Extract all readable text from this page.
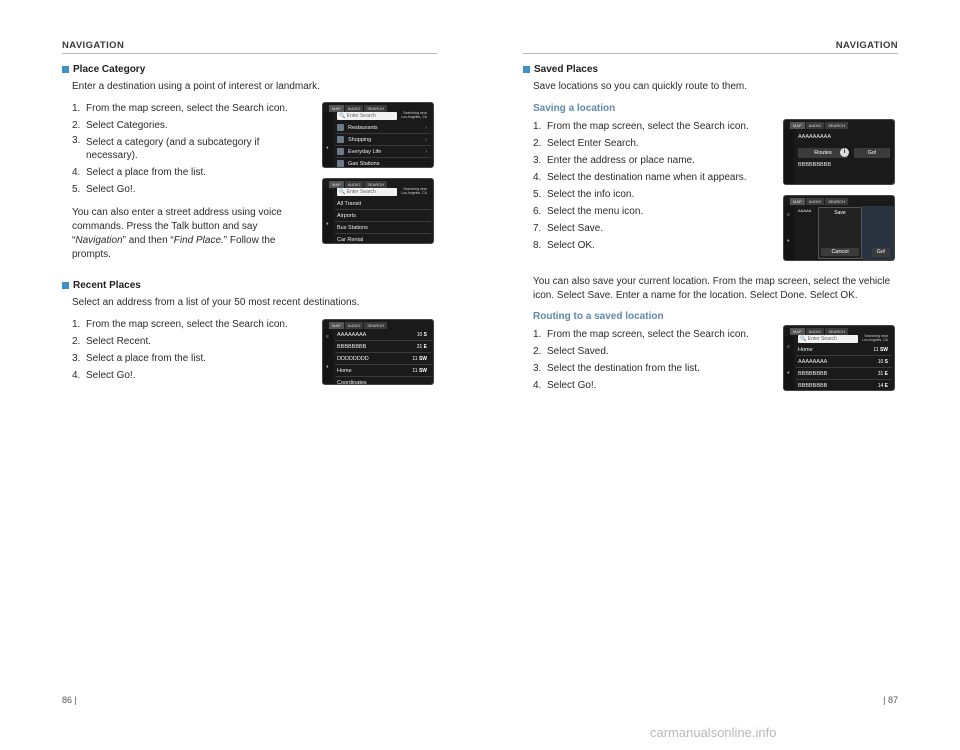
NAVIGATION	NAVIGATION
Place Category
Enter a destination using a point of interest or landmark.
1. From the map screen, select the Search icon.
2. Select Categories.
3. Select a category (and a subcategory if necessary).
4. Select a place from the list.
5. Select Go!.
You can also enter a street address using voice
commands. Press the Talk button and say
“Navigation” and then “Find Place.” Follow the
prompts.
Recent Places
Select an address from a list of your 50 most recent destinations.
1. From the map screen, select the Search icon.
2. Select Recent.
3. Select a place from the list.
4. Select Go!.
MAP	AUDIO	SEARCH
♦
🔍 Enter Search	Searching near
Los Angeles, CA
Restaurants	›
Shopping	›
Everyday Life	›
Gas Stations
MAP	AUDIO	SEARCH
♦
🔍 Enter Search	Searching near
Los Angeles, CA
All Transit
Airports
Bus Stations
Car Rental
MAP	AUDIO	SEARCH
≡
♦
AAAAAAAA	10 S
BBBBBBBB	31 E
DDDDDDDD	11 SW
Home	11 SW
Coordinates
Saved Places
Save locations so you can quickly route to them.
Saving a location
1. From the map screen, select the Search icon.
2. Select Enter Search.
3. Enter the address or place name.
4. Select the destination name when it appears.
5. Select the info icon.
6. Select the menu icon.
7. Select Save.
8. Select OK.
You can also save your current location. From the map screen, select the vehicle
icon. Select Save. Enter a name for the location. Select Done. Select OK.
Routing to a saved location
1. From the map screen, select the Search icon.
2. Select Saved.
3. Select the destination from the list.
4. Select Go!.
MAP	AUDIO	SEARCH
AAAAAAAAA
Routes	i	Go!
BBBBBBBBB
MAP	AUDIO	SEARCH
≡
♦
AAAAA	Save
Cancel	Go!
MAP	AUDIO	SEARCH
≡
♦
🔍 Enter Search	Searching near
Los Angeles, CA
Home	11 SW
AAAAAAAA	10 S
BBBBBBBB	31 E
BBBBBBBB	14 E
86 |	| 87
carmanualsonline.info
